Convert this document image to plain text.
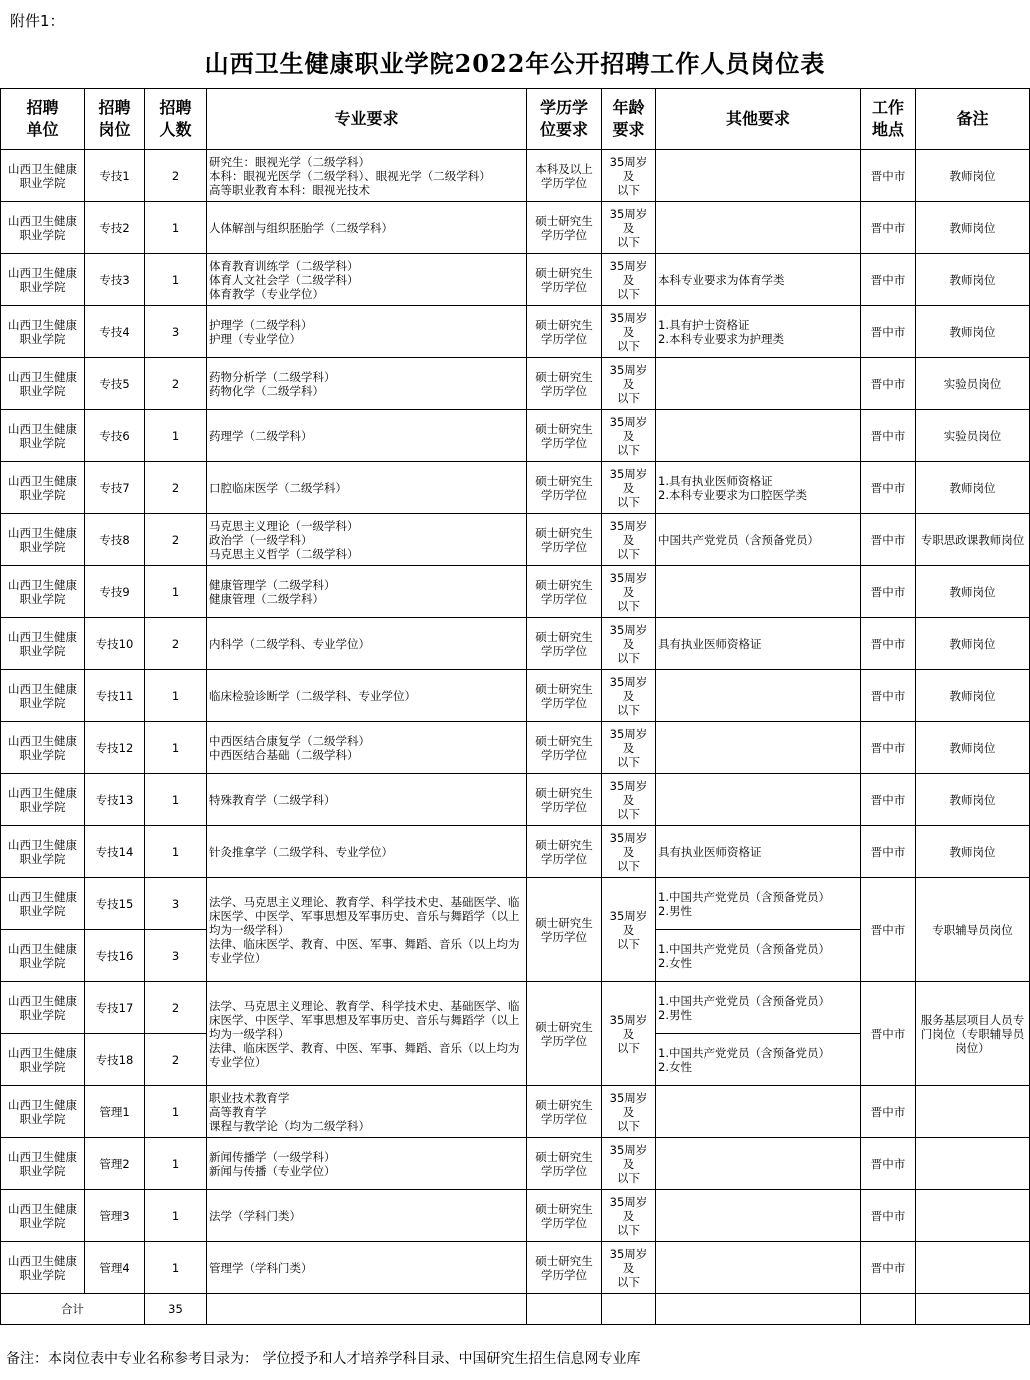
附件1：
山西卫生健康职业学院2022年公开招聘工作人员岗位表
招聘
单位	招聘
岗位	招聘
人数	专业要求	学历学
位要求	年龄
要求	其他要求	工作
地点	备注

山西卫生健康
职业学院	专技1	2	研究生：眼视光学（二级学科）
本科：眼视光医学（二级学科）、眼视光学（二级学科）
高等职业教育本科：眼视光技术	本科及以上
学历学位	35周岁及
以下		晋中市	教师岗位

山西卫生健康
职业学院	专技2	1	人体解剖与组织胚胎学（二级学科）	硕士研究生
学历学位	35周岁及
以下		晋中市	教师岗位

山西卫生健康
职业学院	专技3	1	体育教育训练学（二级学科）
体育人文社会学（二级学科）
体育教学（专业学位）	硕士研究生
学历学位	35周岁及
以下	本科专业要求为体育学类	晋中市	教师岗位

山西卫生健康
职业学院	专技4	3	护理学（二级学科）
护理（专业学位）	硕士研究生
学历学位	35周岁及
以下	1.具有护士资格证
2.本科专业要求为护理类	晋中市	教师岗位

山西卫生健康
职业学院	专技5	2	药物分析学（二级学科）
药物化学（二级学科）	硕士研究生
学历学位	35周岁及
以下		晋中市	实验员岗位

山西卫生健康
职业学院	专技6	1	药理学（二级学科）	硕士研究生
学历学位	35周岁及
以下		晋中市	实验员岗位

山西卫生健康
职业学院	专技7	2	口腔临床医学（二级学科）	硕士研究生
学历学位	35周岁及
以下	1.具有执业医师资格证
2.本科专业要求为口腔医学类	晋中市	教师岗位

山西卫生健康
职业学院	专技8	2	马克思主义理论（一级学科）
政治学（一级学科）
马克思主义哲学（二级学科）	硕士研究生
学历学位	35周岁及
以下	中国共产党党员（含预备党员）	晋中市	专职思政课教师岗位

山西卫生健康
职业学院	专技9	1	健康管理学（二级学科）
健康管理（二级学科）	硕士研究生
学历学位	35周岁及
以下		晋中市	教师岗位

山西卫生健康
职业学院	专技10	2	内科学（二级学科、专业学位）	硕士研究生
学历学位	35周岁及
以下	具有执业医师资格证	晋中市	教师岗位

山西卫生健康
职业学院	专技11	1	临床检验诊断学（二级学科、专业学位）	硕士研究生
学历学位	35周岁及
以下		晋中市	教师岗位

山西卫生健康
职业学院	专技12	1	中西医结合康复学（二级学科）
中西医结合基础（二级学科）	硕士研究生
学历学位	35周岁及
以下		晋中市	教师岗位

山西卫生健康
职业学院	专技13	1	特殊教育学（二级学科）	硕士研究生
学历学位	35周岁及
以下		晋中市	教师岗位

山西卫生健康
职业学院	专技14	1	针灸推拿学（二级学科、专业学位）	硕士研究生
学历学位	35周岁及
以下	具有执业医师资格证	晋中市	教师岗位

山西卫生健康
职业学院	专技15	3	法学、马克思主义理论、教育学、科学技术史、基础医学、临床医学、中医学、军事思想及军事历史、音乐与舞蹈学（以上均为一级学科）
法律、临床医学、教育、中医、军事、舞蹈、音乐（以上均为专业学位）	硕士研究生
学历学位	35周岁及
以下	1.中国共产党党员（含预备党员）
2.男性	晋中市	专职辅导员岗位

山西卫生健康
职业学院	专技16	3				1.中国共产党党员（含预备党员）
2.女性		

山西卫生健康
职业学院	专技17	2	法学、马克思主义理论、教育学、科学技术史、基础医学、临床医学、中医学、军事思想及军事历史、音乐与舞蹈学（以上均为一级学科）
法律、临床医学、教育、中医、军事、舞蹈、音乐（以上均为专业学位）	硕士研究生
学历学位	35周岁及
以下	1.中国共产党党员（含预备党员）
2.男性	晋中市	服务基层项目人员专门岗位（专职辅导员岗位）

山西卫生健康
职业学院	专技18	2				1.中国共产党党员（含预备党员）
2.女性		

山西卫生健康
职业学院	管理1	1	职业技术教育学
高等教育学
课程与教学论（均为二级学科）	硕士研究生
学历学位	35周岁及
以下		晋中市	

山西卫生健康
职业学院	管理2	1	新闻传播学（一级学科）
新闻与传播（专业学位）	硕士研究生
学历学位	35周岁及
以下		晋中市	

山西卫生健康
职业学院	管理3	1	法学（学科门类）	硕士研究生
学历学位	35周岁及
以下		晋中市	

山西卫生健康
职业学院	管理4	1	管理学（学科门类）	硕士研究生
学历学位	35周岁及
以下		晋中市	

合计		35						

备注：本岗位表中专业名称参考目录为： 学位授予和人才培养学科目录、中国研究生招生信息网专业库
